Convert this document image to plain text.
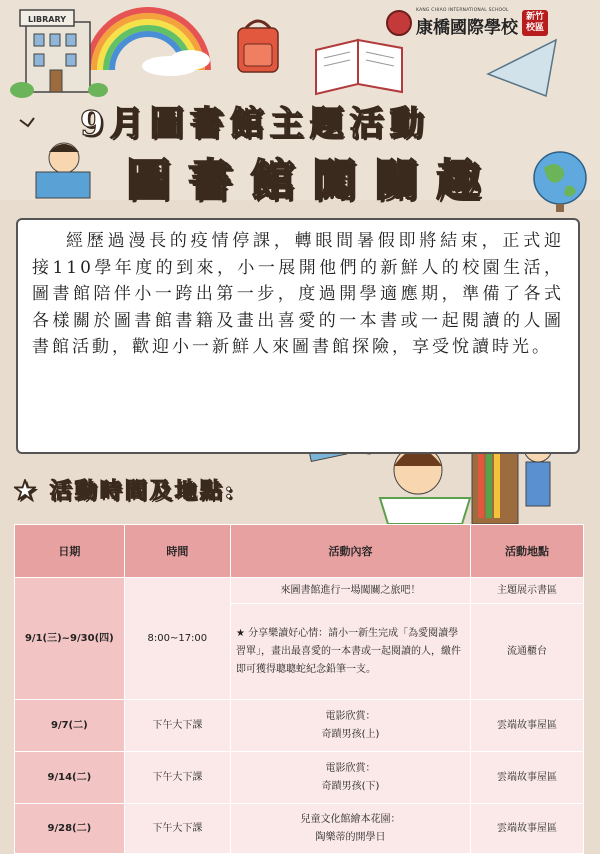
LIBRARY
KANG CHIAO INTERNATIONAL SCHOOL
康橋國際學校
新竹校區
9月圖書館主題活動
圖書館闖關趣
經歷過漫長的疫情停課，轉眼間暑假即將結束，正式迎接110學年度的到來，小一展開他們的新鮮人的校園生活，圖書館陪伴小一跨出第一步，度過開學適應期，準備了各式各樣關於圖書館書籍及畫出喜愛的一本書或一起閱讀的人圖書館活動，歡迎小一新鮮人來圖書館探險，享受悅讀時光。
★ 活動時間及地點:
日期	時間	活動內容	活動地點
9/1(三)~9/30(四)	8:00~17:00	來圖書館進行一場闖關之旅吧！	主題展示書區
		★ 分享樂讀好心情：請小一新生完成「為愛閱讀學習單」，畫出最喜愛的一本書或一起閱讀的人，繳件即可獲得聰聰蛇紀念鉛筆一支。	流通櫃台
9/7(二)	下午大下課	電影欣賞：
奇蹟男孩(上)	雲端故事屋區
9/14(二)	下午大下課	電影欣賞：
奇蹟男孩(下)	雲端故事屋區
9/28(二)	下午大下課	兒童文化館繪本花園：
陶樂蒂的開學日	雲端故事屋區
